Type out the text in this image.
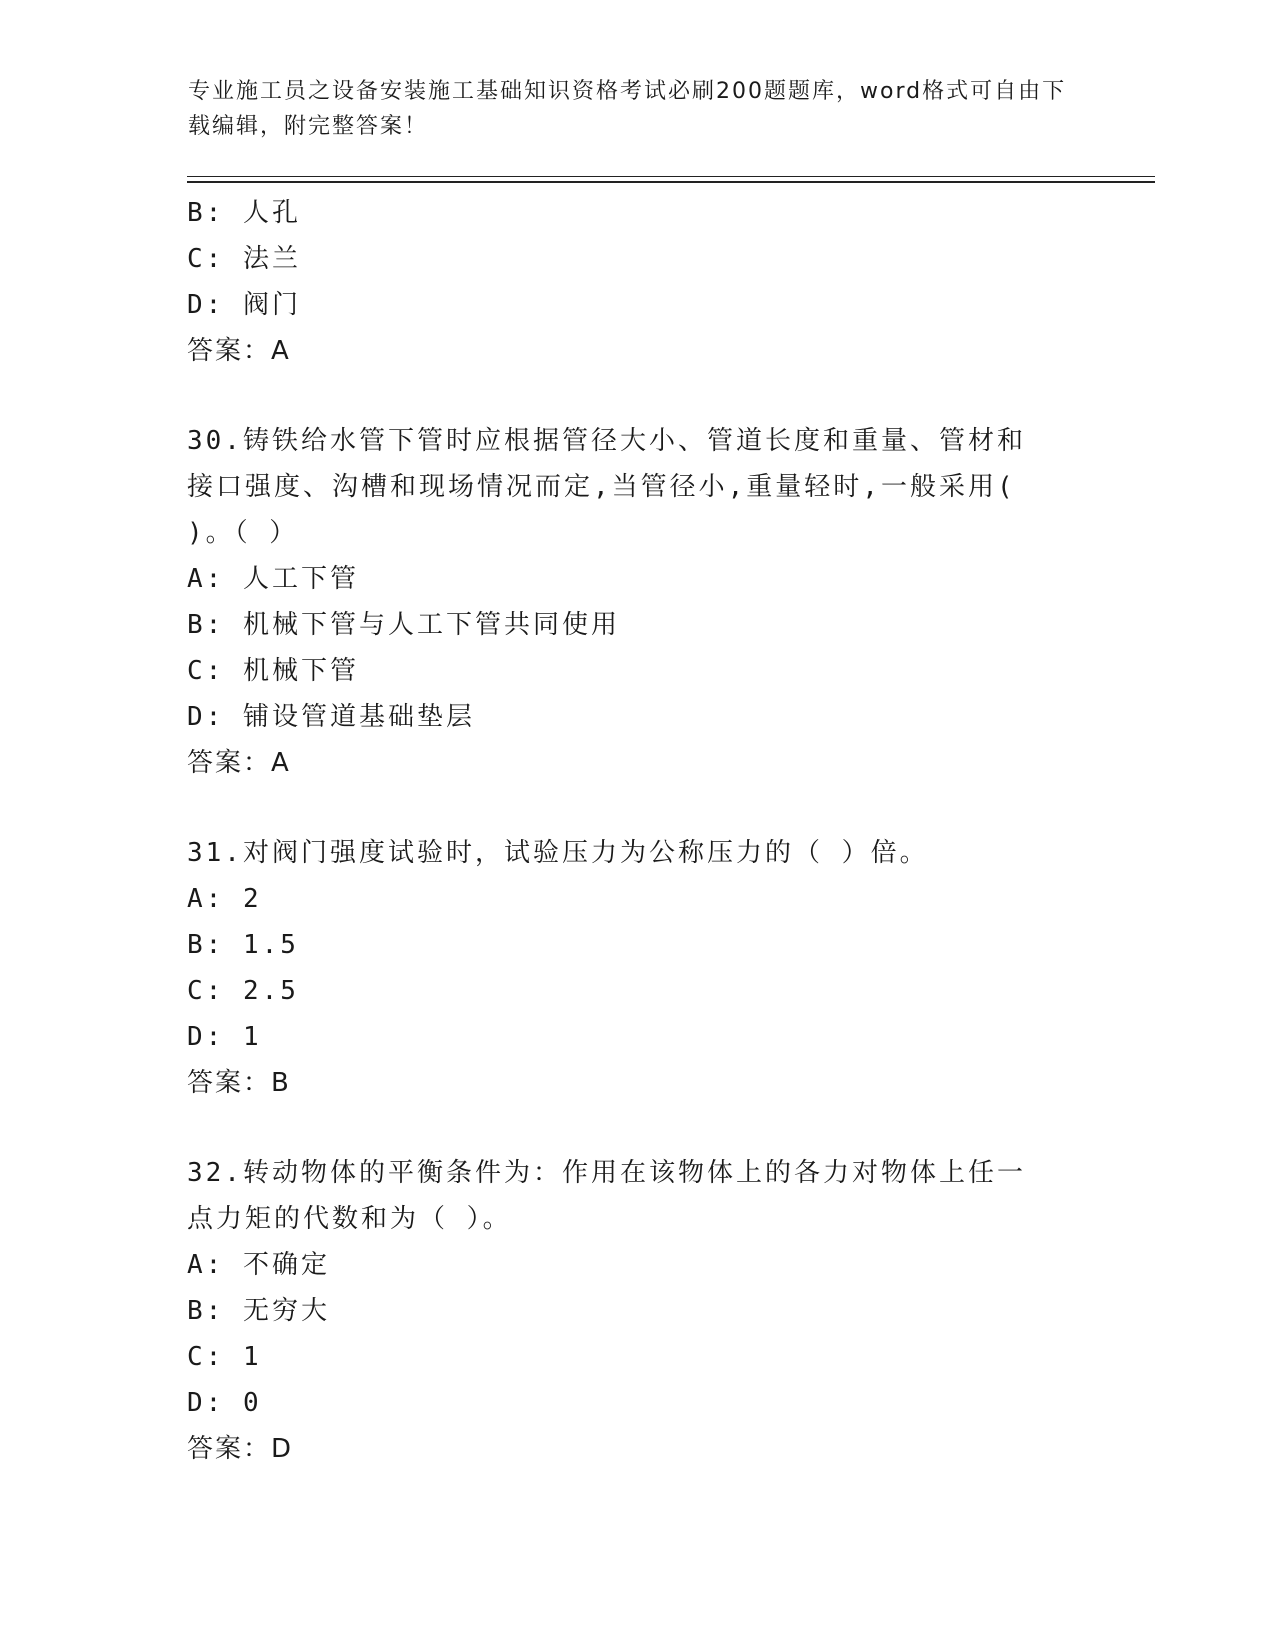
专业施工员之设备安装施工基础知识资格考试必刷200题题库，word格式可自由下载编辑，附完整答案！
B: 人孔
C: 法兰
D: 阀门
答案：A
30.铸铁给水管下管时应根据管径大小、管道长度和重量、管材和接口强度、沟槽和现场情况而定,当管径小,重量轻时,一般采用( )。（ ）
A: 人工下管
B: 机械下管与人工下管共同使用
C: 机械下管
D: 铺设管道基础垫层
答案：A
31.对阀门强度试验时，试验压力为公称压力的（ ）倍。
A: 2
B: 1.5
C: 2.5
D: 1
答案：B
32.转动物体的平衡条件为：作用在该物体上的各力对物体上任一点力矩的代数和为（ ）。
A: 不确定
B: 无穷大
C: 1
D: 0
答案：D
